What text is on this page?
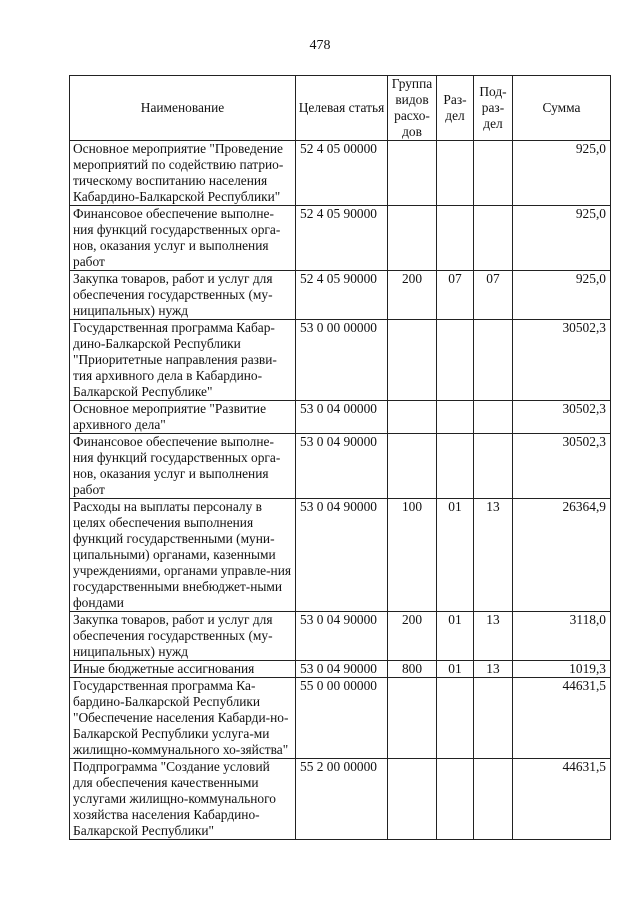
478
Наименование	Целевая статья	Группа видов расхо-дов	Раз-дел	Под-раз-дел	Сумма
Основное мероприятие "Проведение мероприятий по содействию патрио-тическому воспитанию населения Кабардино-Балкарской Республики"	52 4 05 00000				925,0
Финансовое обеспечение выполне-ния функций государственных орга-нов, оказания услуг и выполнения работ	52 4 05 90000				925,0
Закупка товаров, работ и услуг для обеспечения государственных (му-ниципальных) нужд	52 4 05 90000	200	07	07	925,0
Государственная программа Кабар-дино-Балкарской Республики "Приоритетные направления разви-тия архивного дела в Кабардино-Балкарской Республике"	53 0 00 00000				30502,3
Основное мероприятие "Развитие архивного дела"	53 0 04 00000				30502,3
Финансовое обеспечение выполне-ния функций государственных орга-нов, оказания услуг и выполнения работ	53 0 04 90000				30502,3
Расходы на выплаты персоналу в целях обеспечения выполнения функций государственными (муни-ципальными) органами, казенными учреждениями, органами управле-ния государственными внебюджет-ными фондами	53 0 04 90000	100	01	13	26364,9
Закупка товаров, работ и услуг для обеспечения государственных (му-ниципальных) нужд	53 0 04 90000	200	01	13	3118,0
Иные бюджетные ассигнования	53 0 04 90000	800	01	13	1019,3
Государственная программа Ка-бардино-Балкарской Республики "Обеспечение населения Кабарди-но-Балкарской Республики услуга-ми жилищно-коммунального хо-зяйства"	55 0 00 00000				44631,5
Подпрограмма "Создание условий для обеспечения качественными услугами жилищно-коммунального хозяйства населения Кабардино-Балкарской Республики"	55 2 00 00000				44631,5
